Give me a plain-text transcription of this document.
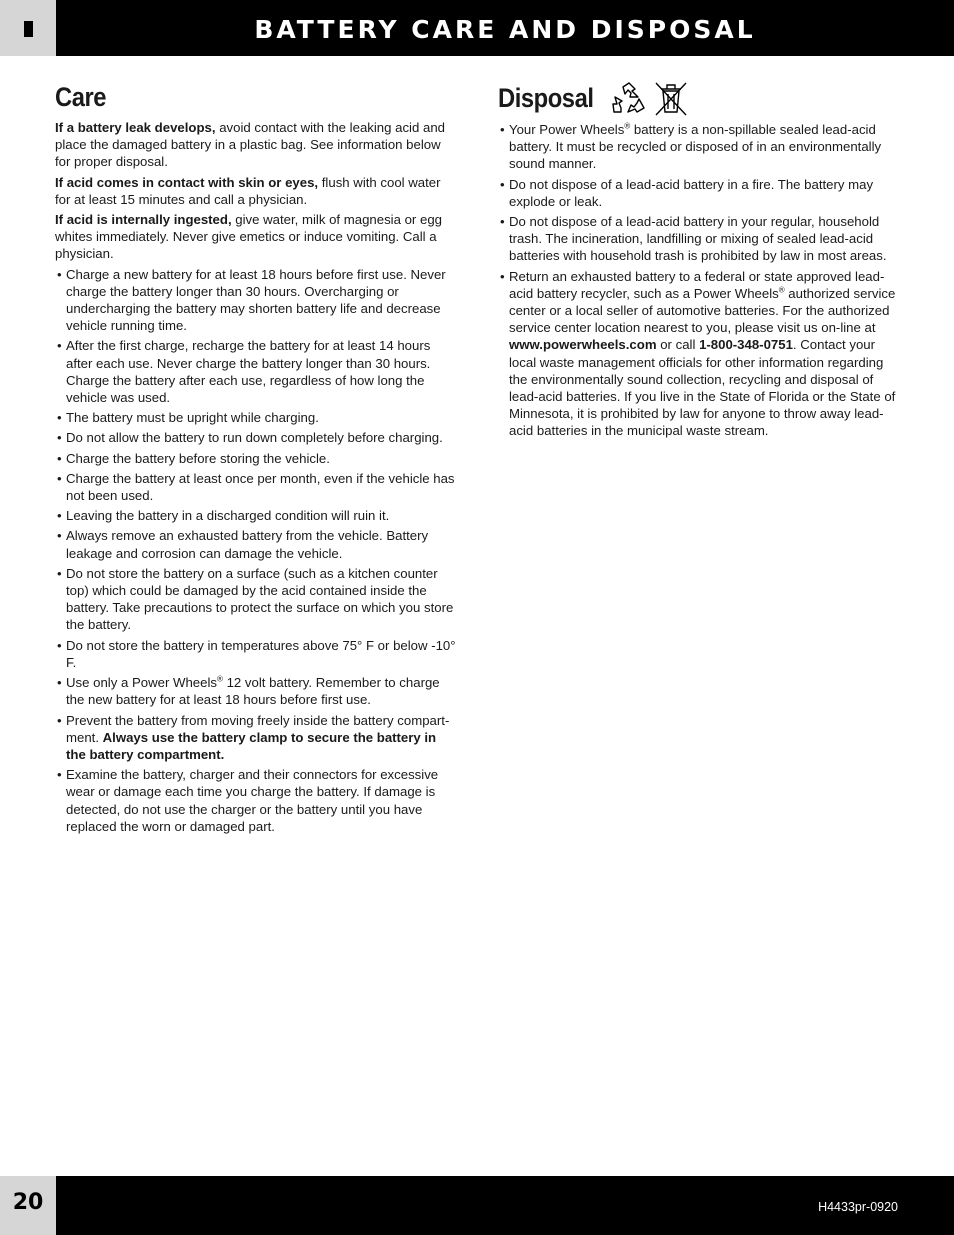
BATTERY CARE AND DISPOSAL
Care

If a battery leak develops, avoid contact with the leaking acid and place the damaged battery in a plastic bag. See information below for proper disposal.

If acid comes in contact with skin or eyes, flush with cool water for at least 15 minutes and call a physician.

If acid is internally ingested, give water, milk of magnesia or egg whites immediately. Never give emetics or induce vomiting. Call a physician.

• Charge a new battery for at least 18 hours before first use. Never charge the battery longer than 30 hours. Overcharging or undercharging the battery may shorten battery life and decrease vehicle running time.
• After the first charge, recharge the battery for at least 14 hours after each use. Never charge the battery longer than 30 hours. Charge the battery after each use, regardless of how long the vehicle was used.
• The battery must be upright while charging.
• Do not allow the battery to run down completely before charging.
• Charge the battery before storing the vehicle.
• Charge the battery at least once per month, even if the vehicle has not been used.
• Leaving the battery in a discharged condition will ruin it.
• Always remove an exhausted battery from the vehicle. Battery leakage and corrosion can damage the vehicle.
• Do not store the battery on a surface (such as a kitchen counter top) which could be damaged by the acid contained inside the battery. Take precautions to protect the surface on which you store the battery.
• Do not store the battery in temperatures above 75° F or below -10° F.
• Use only a Power Wheels® 12 volt battery. Remember to charge the new battery for at least 18 hours before first use.
• Prevent the battery from moving freely inside the battery compart-ment. Always use the battery clamp to secure the battery in the battery compartment.
• Examine the battery, charger and their connectors for excessive wear or damage each time you charge the battery. If damage is detected, do not use the charger or the battery until you have replaced the worn or damaged part.
Disposal
• Your Power Wheels® battery is a non-spillable sealed lead-acid battery. It must be recycled or disposed of in an environmentally sound manner.
• Do not dispose of a lead-acid battery in a fire. The battery may explode or leak.
• Do not dispose of a lead-acid battery in your regular, household trash. The incineration, landfilling or mixing of sealed lead-acid batteries with household trash is prohibited by law in most areas.
• Return an exhausted battery to a federal or state approved lead-acid battery recycler, such as a Power Wheels® authorized service center or a local seller of automotive batteries. For the authorized service center location nearest to you, please visit us on-line at www.powerwheels.com or call 1-800-348-0751. Contact your local waste management officials for other information regarding the environmentally sound collection, recycling and disposal of lead-acid batteries. If you live in the State of Florida or the State of Minnesota, it is prohibited by law for anyone to throw away lead-acid batteries in the municipal waste stream.
20	H4433pr-0920
